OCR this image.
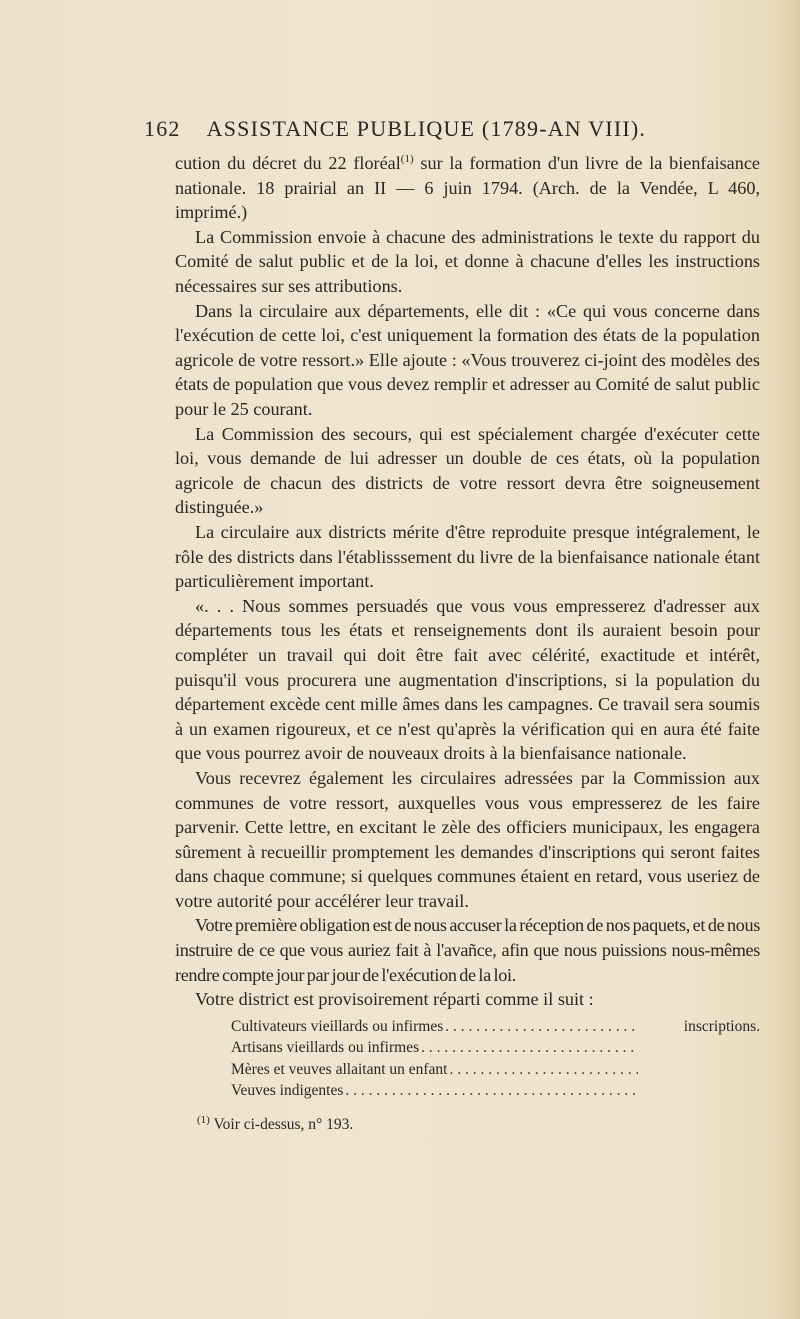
162 ASSISTANCE PUBLIQUE (1789-AN VIII).

cution du décret du 22 floréal$^{(1)}$ sur la formation d'un livre de la bienfaisance nationale. 18 prairial an II — 6 juin 1794. (Arch. de la Vendée, L 460, imprimé.)

La Commission envoie à chacune des administrations le texte du rapport du Comité de salut public et de la loi, et donne à chacune d'elles les instructions nécessaires sur ses attributions.

Dans la circulaire aux départements, elle dit : «Ce qui vous concerne dans l'exécution de cette loi, c'est uniquement la formation des états de la population agricole de votre ressort.» Elle ajoute : «Vous trouverez ci-joint des modèles des états de population que vous devez remplir et adresser au Comité de salut public pour le 25 courant.

La Commission des secours, qui est spécialement chargée d'exécuter cette loi, vous demande de lui adresser un double de ces états, où la population agricole de chacun des districts de votre ressort devra être soigneusement distinguée.»

La circulaire aux districts mérite d'être reproduite presque intégralement, le rôle des districts dans l'établisssement du livre de la bienfaisance nationale étant particulièrement important.

«. . . Nous sommes persuadés que vous vous empresserez d'adresser aux départements tous les états et renseignements dont ils auraient besoin pour compléter un travail qui doit être fait avec célérité, exactitude et intérêt, puisqu'il vous procurera une augmentation d'inscriptions, si la population du département excède cent mille âmes dans les campagnes. Ce travail sera soumis à un examen rigoureux, et ce n'est qu'après la vérification qui en aura été faite que vous pourrez avoir de nouveaux droits à la bienfaisance nationale.

Vous recevrez également les circulaires adressées par la Commission aux communes de votre ressort, auxquelles vous vous empresserez de les faire parvenir. Cette lettre, en excitant le zèle des officiers municipaux, les engagera sûrement à recueillir promptement les demandes d'inscriptions qui seront faites dans chaque commune; si quelques communes étaient en retard, vous useriez de votre autorité pour accélérer leur travail.

Votre première obligation est de nous accuser la réception de nos paquets, et de nous instruire de ce que vous auriez fait à l'avañce, afin que nous puissions nous-mêmes rendre compte jour par jour de l'exécution de la loi.

Votre district est provisoirement réparti comme il suit :

Cultivateurs vieillards ou infirmes
. . .	inscriptions.
Artisans vieillards ou infirmes
. . .
Mères et veuves allaitant un enfant
. . .
Veuves indigentes
. . .
$^{(1)}$ Voir ci-dessus, n° 193.
